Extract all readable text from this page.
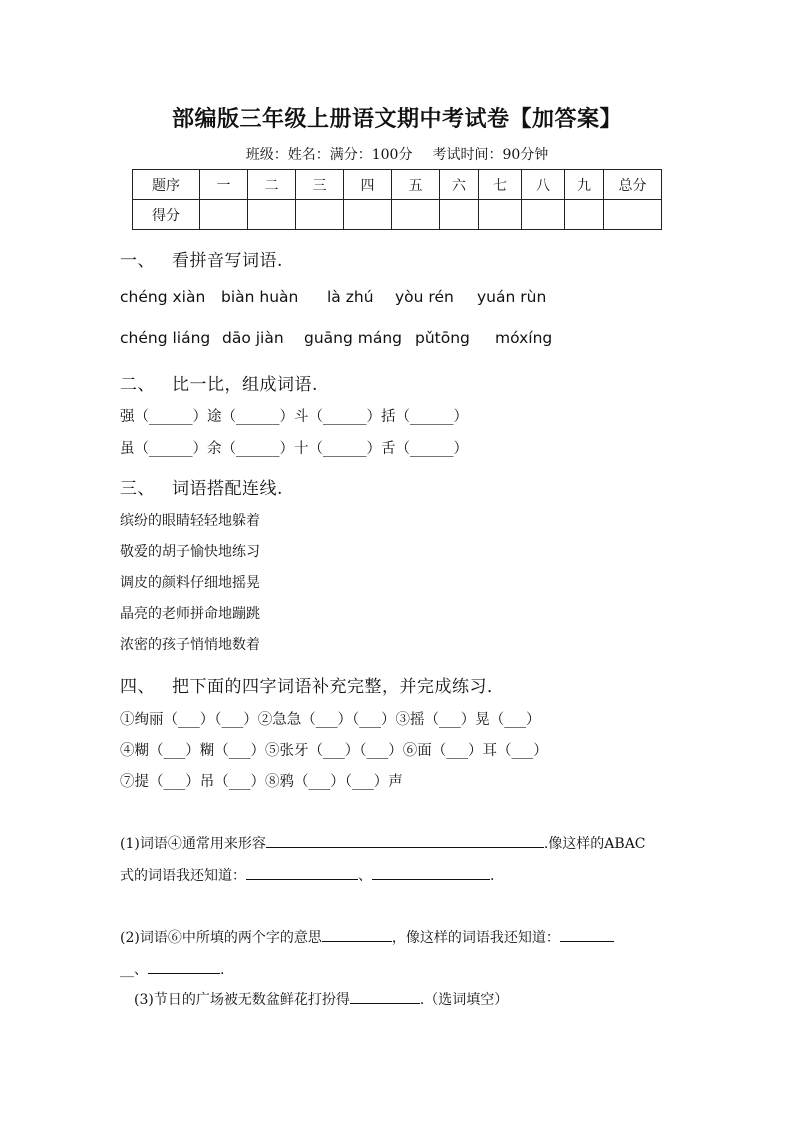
部编版三年级上册语文期中考试卷【加答案】
班级：姓名：满分：100分 考试时间：90分钟
题序	一	二	三	四	五	六	七	八	九	总分
得分										
一、 看拼音写词语.
chéng xiàn biàn huàn là zhú yòu rén yuán rùn
chéng liáng dāo jiàn guāng máng pǔtōng móxíng
二、 比一比，组成词语.
强（______）途（______）斗（______）括（______）
虽（______）余（______）十（______）舌（______）
三、 词语搭配连线.
缤纷的眼睛轻轻地躲着
敬爱的胡子愉快地练习
调皮的颜料仔细地摇晃
晶亮的老师拼命地蹦跳
浓密的孩子悄悄地数着
四、 把下面的四字词语补充完整，并完成练习．
①绚丽（___）（___）②急急（___）（___）③摇（___）晃（___）
④糊（___）糊（___）⑤张牙（___）（___）⑥面（___）耳（___）
⑦提（___）吊（___）⑧鸦（___）（___）声
(1)词语④通常用来形容	.像这样的ABAC
式的词语我还知道：	、	.
(2)词语⑥中所填的两个字的意思	，像这样的词语我还知道：
__、	.
(3)节日的广场被无数盆鲜花打扮得	.（选词填空）
